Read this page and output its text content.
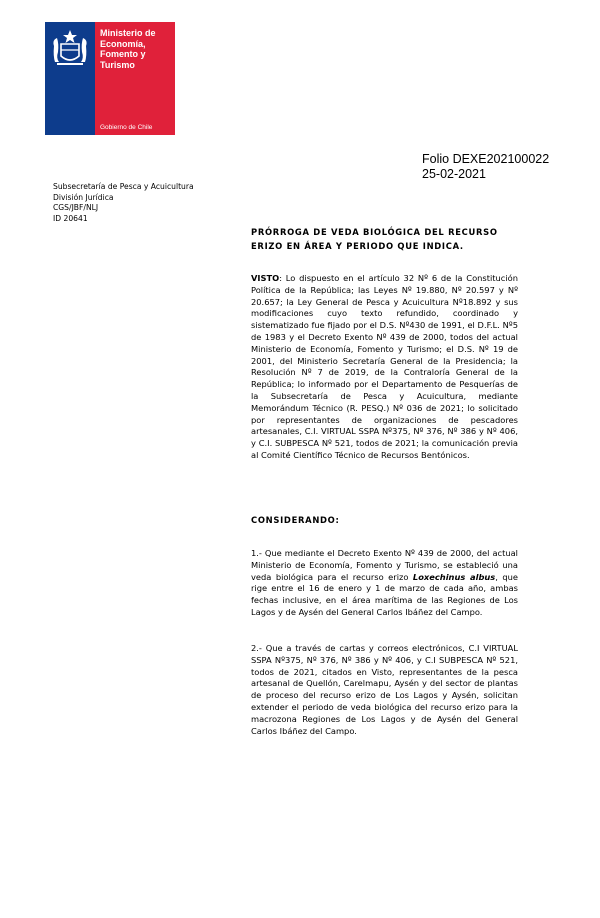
Ministerio de
Economía,
Fomento y
Turismo
Gobierno de Chile
Folio DEXE202100022
25-02-2021
Subsecretaría de Pesca y Acuicultura
División Jurídica
CGS/JBF/NLJ
ID 20641
PRÓRROGA DE VEDA BIOLÓGICA DEL RECURSO
ERIZO EN ÁREA Y PERIODO QUE INDICA.
VISTO: Lo dispuesto en el artículo 32 Nº 6 de la Constitución Política de la República; las Leyes Nº 19.880, Nº 20.597 y Nº 20.657; la Ley General de Pesca y Acuicultura Nº18.892 y sus modificaciones cuyo texto refundido, coordinado y sistematizado fue fijado por el D.S. Nº430 de 1991, el D.F.L. Nº5 de 1983 y el Decreto Exento Nº 439 de 2000, todos del actual Ministerio de Economía, Fomento y Turismo; el D.S. Nº 19 de 2001, del Ministerio Secretaría General de la Presidencia; la Resolución Nº 7 de 2019, de la Contraloría General de la República; lo informado por el Departamento de Pesquerías de la Subsecretaría de Pesca y Acuicultura, mediante Memorándum Técnico (R. PESQ.) Nº 036 de 2021; lo solicitado por representantes de organizaciones de pescadores artesanales, C.I. VIRTUAL SSPA Nº375, Nº 376, Nº 386 y Nº 406, y C.I. SUBPESCA Nº 521, todos de 2021; la comunicación previa al Comité Científico Técnico de Recursos Bentónicos.
CONSIDERANDO:
1.- Que mediante el Decreto Exento Nº 439 de 2000, del actual Ministerio de Economía, Fomento y Turismo, se estableció una veda biológica para el recurso erizo Loxechinus albus, que rige entre el 16 de enero y 1 de marzo de cada año, ambas fechas inclusive, en el área marítima de las Regiones de Los Lagos y de Aysén del General Carlos Ibáñez del Campo.
2.- Que a través de cartas y correos electrónicos, C.I VIRTUAL SSPA Nº375, Nº 376, Nº 386 y Nº 406, y C.I SUBPESCA Nº 521, todos de 2021, citados en Visto, representantes de la pesca artesanal de Quellón, Carelmapu, Aysén y del sector de plantas de proceso del recurso erizo de Los Lagos y Aysén, solicitan extender el periodo de veda biológica del recurso erizo para la macrozona Regiones de Los Lagos y de Aysén del General Carlos Ibáñez del Campo.
